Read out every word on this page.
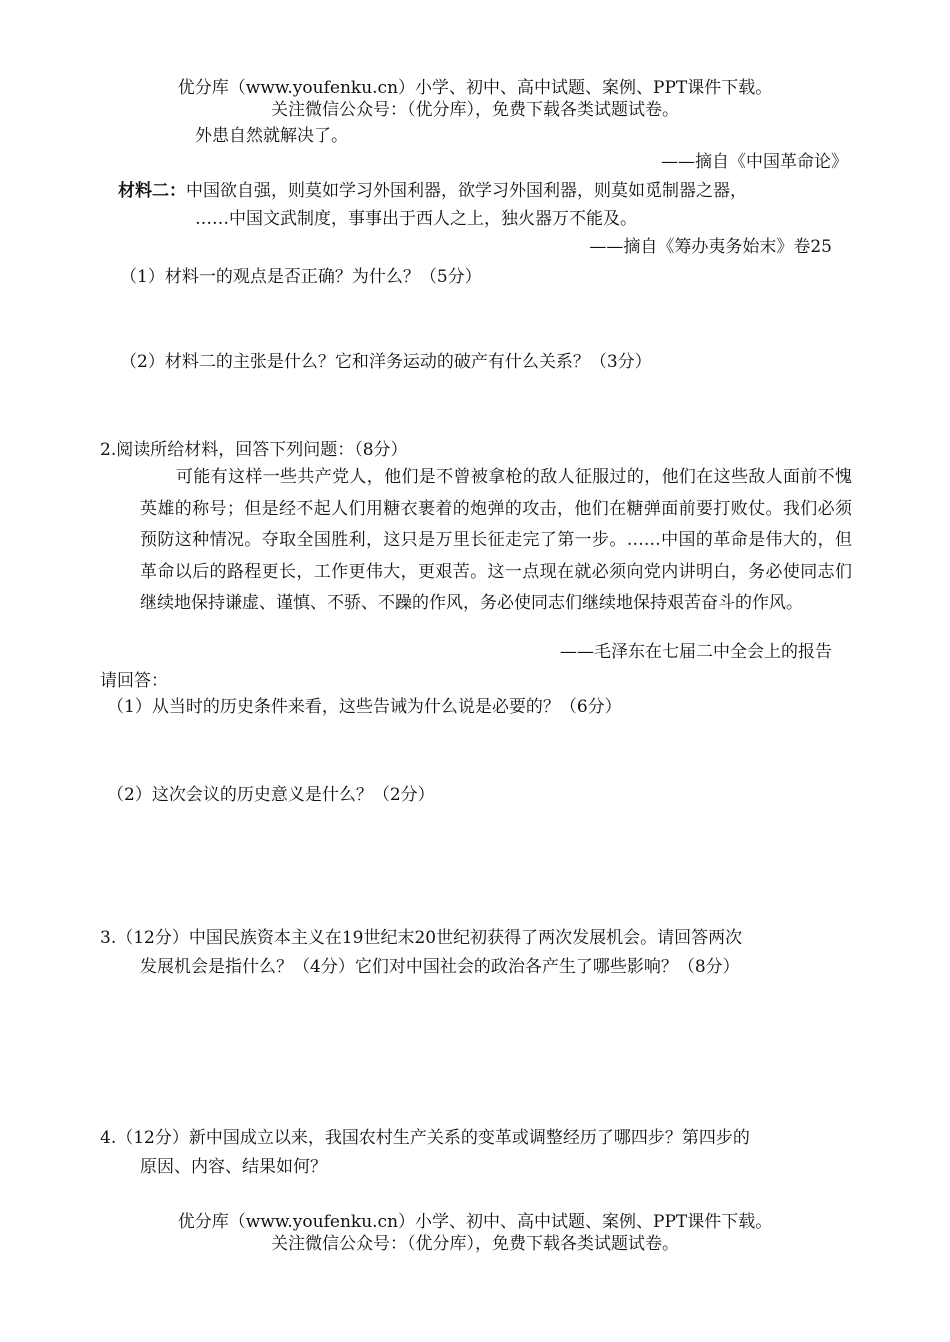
优分库（www.youfenku.cn）小学、初中、高中试题、案例、PPT课件下载。
关注微信公众号：（优分库），免费下载各类试题试卷。
外患自然就解决了。
——摘自《中国革命论》
材料二：中国欲自强，则莫如学习外国利器，欲学习外国利器，则莫如觅制器之器，
……中国文武制度，事事出于西人之上，独火器万不能及。
——摘自《筹办夷务始末》卷25
（1）材料一的观点是否正确？为什么？（5分）
（2）材料二的主张是什么？它和洋务运动的破产有什么关系？（3分）
2.阅读所给材料，回答下列问题：（8分）
可能有这样一些共产党人，他们是不曾被拿枪的敌人征服过的，他们在这些敌人面前不愧英雄的称号；但是经不起人们用糖衣裹着的炮弹的攻击，他们在糖弹面前要打败仗。我们必须预防这种情况。夺取全国胜利，这只是万里长征走完了第一步。……中国的革命是伟大的，但革命以后的路程更长，工作更伟大，更艰苦。这一点现在就必须向党内讲明白，务必使同志们继续地保持谦虚、谨慎、不骄、不躁的作风，务必使同志们继续地保持艰苦奋斗的作风。
——毛泽东在七届二中全会上的报告
请回答：
（1）从当时的历史条件来看，这些告诫为什么说是必要的？（6分）
（2）这次会议的历史意义是什么？（2分）
3.（12分）中国民族资本主义在19世纪末20世纪初获得了两次发展机会。请回答两次
发展机会是指什么？（4分）它们对中国社会的政治各产生了哪些影响？（8分）
4.（12分）新中国成立以来，我国农村生产关系的变革或调整经历了哪四步？第四步的
原因、内容、结果如何？
优分库（www.youfenku.cn）小学、初中、高中试题、案例、PPT课件下载。
关注微信公众号：（优分库），免费下载各类试题试卷。
